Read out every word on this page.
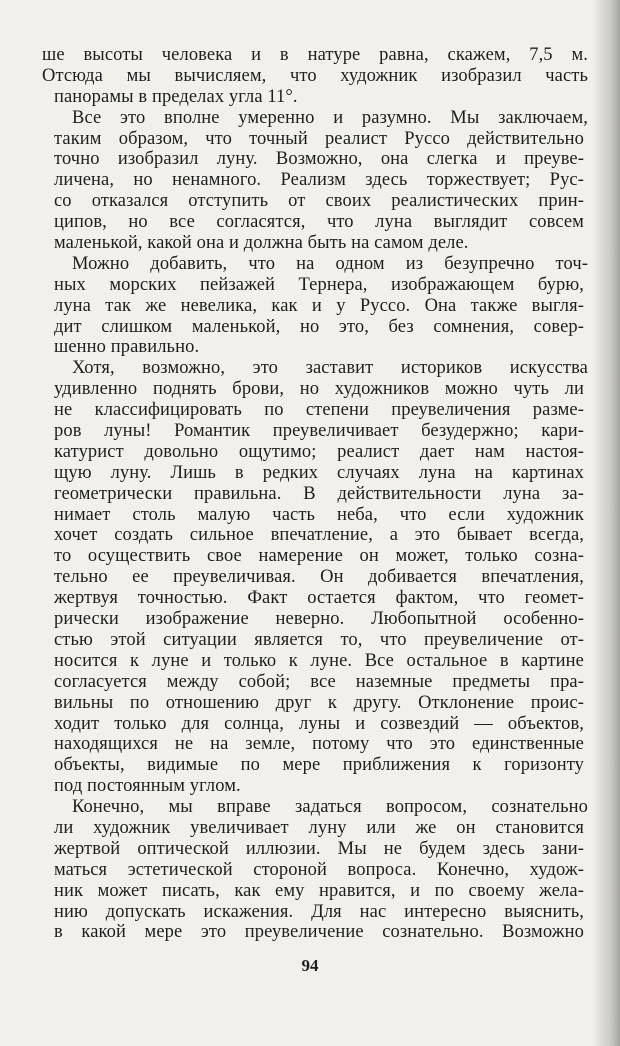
ше высоты человека и в натуре равна, скажем, 7,5 м.
Отсюда мы вычисляем, что художник изобразил часть
панорамы в пределах угла 11°.
Все это вполне умеренно и разумно. Мы заключаем,
таким образом, что точный реалист Руссо действительно
точно изобразил луну. Возможно, она слегка и преуве-
личена, но ненамного. Реализм здесь торжествует; Рус-
со отказался отступить от своих реалистических прин-
ципов, но все согласятся, что луна выглядит совсем
маленькой, какой она и должна быть на самом деле.
Можно добавить, что на одном из безупречно точ-
ных морских пейзажей Тернера, изображающем бурю,
луна так же невелика, как и у Руссо. Она также выгля-
дит слишком маленькой, но это, без сомнения, совер-
шенно правильно.
Хотя, возможно, это заставит историков искусства
удивленно поднять брови, но художников можно чуть ли
не классифицировать по степени преувеличения разме-
ров луны! Романтик преувеличивает безудержно; кари-
катурист довольно ощутимо; реалист дает нам настоя-
щую луну. Лишь в редких случаях луна на картинах
геометрически правильна. В действительности луна за-
нимает столь малую часть неба, что если художник
хочет создать сильное впечатление, а это бывает всегда,
то осуществить свое намерение он может, только созна-
тельно ее преувеличивая. Он добивается впечатления,
жертвуя точностью. Факт остается фактом, что геомет-
рически изображение неверно. Любопытной особенно-
стью этой ситуации является то, что преувеличение от-
носится к луне и только к луне. Все остальное в картине
согласуется между собой; все наземные предметы пра-
вильны по отношению друг к другу. Отклонение проис-
ходит только для солнца, луны и созвездий — объектов,
находящихся не на земле, потому что это единственные
объекты, видимые по мере приближения к горизонту
под постоянным углом.
Конечно, мы вправе задаться вопросом, сознательно
ли художник увеличивает луну или же он становится
жертвой оптической иллюзии. Мы не будем здесь зани-
маться эстетической стороной вопроса. Конечно, худож-
ник может писать, как ему нравится, и по своему жела-
нию допускать искажения. Для нас интересно выяснить,
в какой мере это преувеличение сознательно. Возможно
94
